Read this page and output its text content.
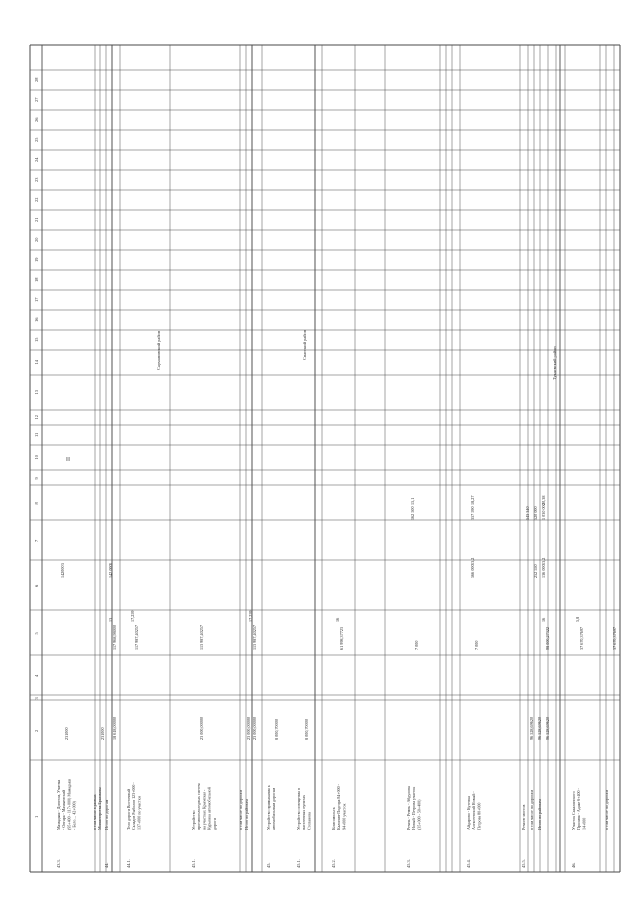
1
2
3
4
5
6
7
8
9
10
11
12
13
14
15
16
17
18
19
20
21
22
23
24
25
26
27
28
43.3.
Мамадыш - Дигитли, Учитма - Онгара - Мамыевский (95+400 - 117+000) Мамадыш - Бело… 42+000)
231000
142000
5
в том числе в рамках Министерства Брахманы
231000
44.
Итого по дорогам
18 618,00000
117 968,98000
13
142 000
1
44.1.
Тело дороги Восточный Складов Рыболов 123+000 - 137+000 по участки
117 987,40257
17,259
45.1.
Устройство противогололедных систем на участках Крымская - Курьянка автомобильной дороги
23 000,00000
113 987,40257
в том числе по дорогам
23 000,00000
Итого по районам
23 000,00000
113 987,40257
17,259
45.
Устройство примыкания к автомобильным дорогам
8 000,70000
45.1.
Устройство освещения в населенных пунктах Степанова
8 000,70000
45.2.
Комсомольск Калинин-Подгора 84+000 - 94+000 участок
61 998,37723
16
45.3.
Ремнь - Ремнь - Абдулова Новый - Петрова участок (35+000 - 50+400)
7 000
162 500
15,1
45.4.
Айдарово - Кутепка Алексеевский Новый - Петрова 80+000
7 000
566 000
13,2
357 590
18,27
45.5.
Ремонт мостов
96 528,69620
543 340
в том числе по дорогам
96 528,69620
252 550
520 000
Итого по районам
96 528,69620
98 000,27322
16
136 000
13,2
1 030 000
20,38
46.
Участок Сахалинского Пролива - Адаке 6+400 - 14+000
37 670,37697
5,8
в том числе по дорогам
37 670,37697
Сармановский район	Спасский район
Тукаевский район
II
